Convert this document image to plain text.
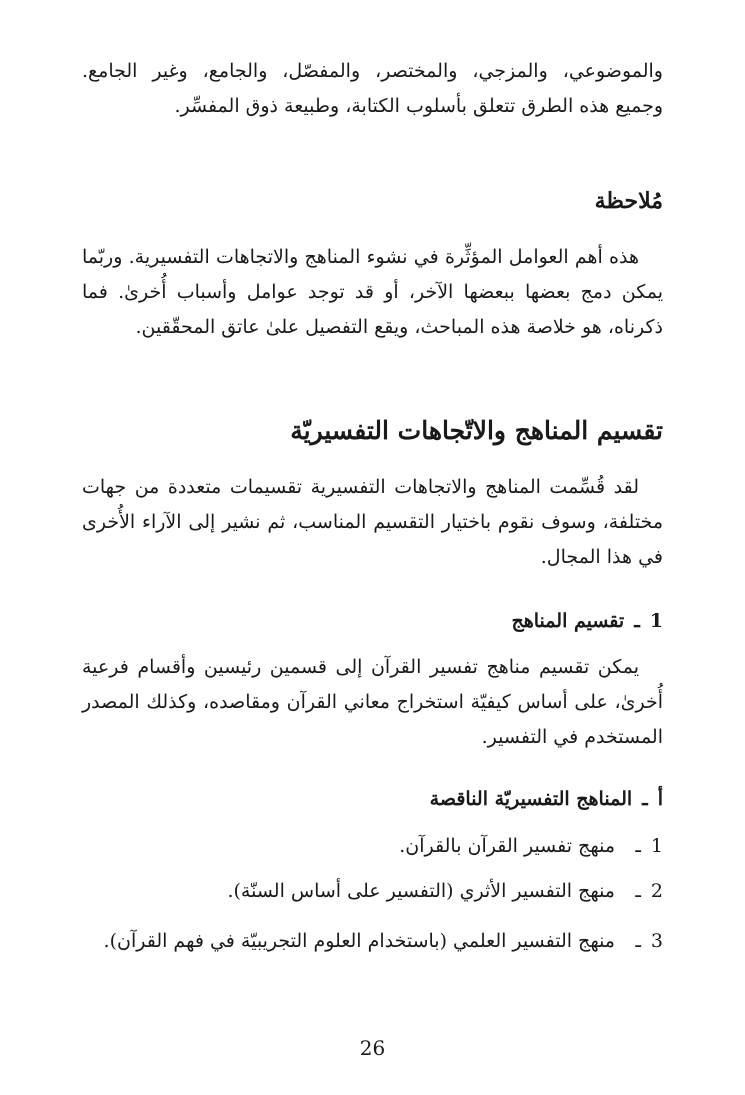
والموضوعي، والمزجي، والمختصر، والمفصّل، والجامع، وغير الجامع. وجميع هذه الطرق تتعلق بأسلوب الكتابة، وطبيعة ذوق المفسِّر.

مُلاحظة

هذه أهم العوامل المؤثِّرة في نشوء المناهج والاتجاهات التفسيرية. وربّما يمكن دمج بعضها ببعضها الآخر، أو قد توجد عوامل وأسباب أُخرىٰ. فما ذكرناه، هو خلاصة هذه المباحث، ويقع التفصيل علىٰ عاتق المحقّقين.

تقسيم المناهج والاتّجاهات التفسيريّة

لقد قُسِّمت المناهج والاتجاهات التفسيرية تقسيمات متعددة من جهات مختلفة، وسوف نقوم باختيار التقسيم المناسب، ثم نشير إلى الآراء الأُخرى في هذا المجال.

1
ـ
تقسيم المناهج

يمكن تقسيم مناهج تفسير القرآن إلى قسمين رئيسين وأقسام فرعية أُخرىٰ، على أساس كيفيّة استخراج معاني القرآن ومقاصده، وكذلك المصدر المستخدم في التفسير.

أ
ـ
المناهج التفسيريّة الناقصة
1
ـ
منهج تفسير القرآن بالقرآن.
2
ـ
منهج التفسير الأثري (التفسير على أساس السنّة).
3
ـ
منهج التفسير العلمي (باستخدام العلوم التجريبيّة في فهم القرآن).
26
